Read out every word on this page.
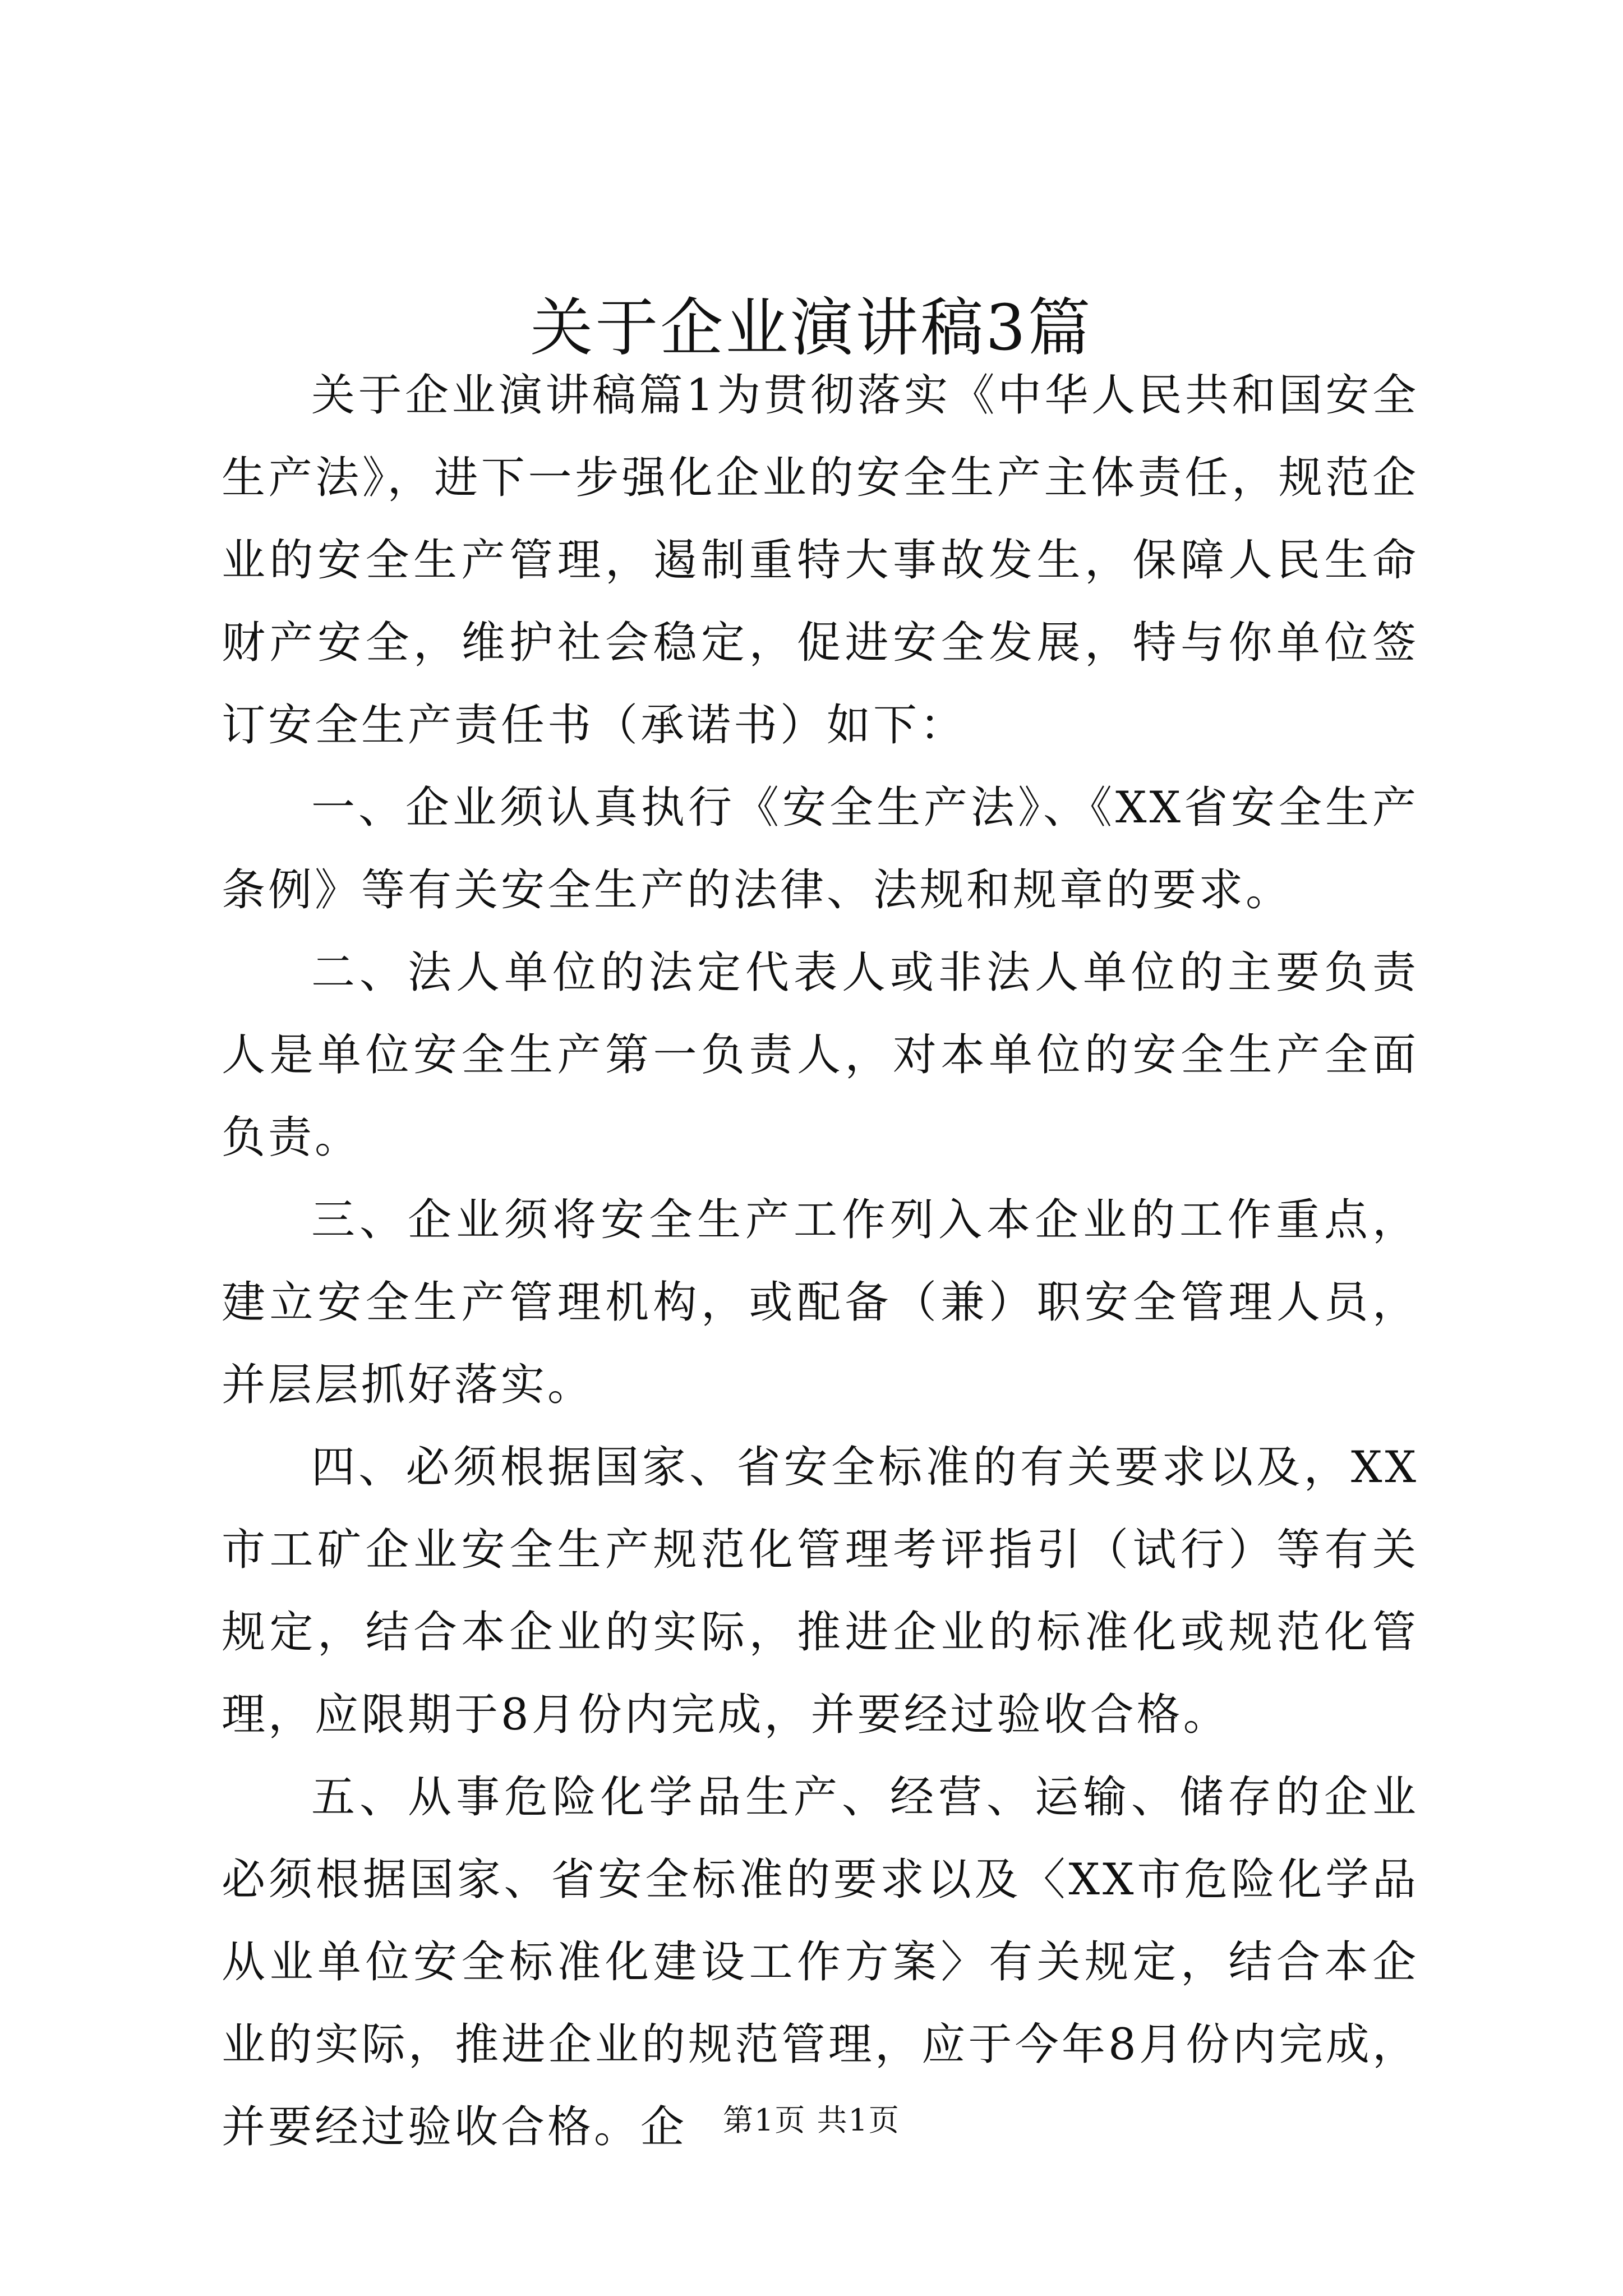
关于企业演讲稿3篇

关于企业演讲稿篇1为贯彻落实《中华人民共和国安全生产法》，进下一步强化企业的安全生产主体责任，规范企业的安全生产管理，遏制重特大事故发生，保障人民生命财产安全，维护社会稳定，促进安全发展，特与你单位签订安全生产责任书（承诺书）如下：

一、企业须认真执行《安全生产法》、《XX省安全生产条例》等有关安全生产的法律、法规和规章的要求。

二、法人单位的法定代表人或非法人单位的主要负责人是单位安全生产第一负责人，对本单位的安全生产全面负责。

三、企业须将安全生产工作列入本企业的工作重点，建立安全生产管理机构，或配备（兼）职安全管理人员，并层层抓好落实。

四、必须根据国家、省安全标准的有关要求以及，XX市工矿企业安全生产规范化管理考评指引（试行）等有关规定，结合本企业的实际，推进企业的标准化或规范化管理，应限期于8月份内完成，并要经过验收合格。

五、从事危险化学品生产、经营、运输、储存的企业必须根据国家、省安全标准的要求以及〈XX市危险化学品从业单位安全标准化建设工作方案〉有关规定，结合本企业的实际，推进企业的规范管理，应于今年8月份内完成，并要经过验收合格。企	第1页 共1页
